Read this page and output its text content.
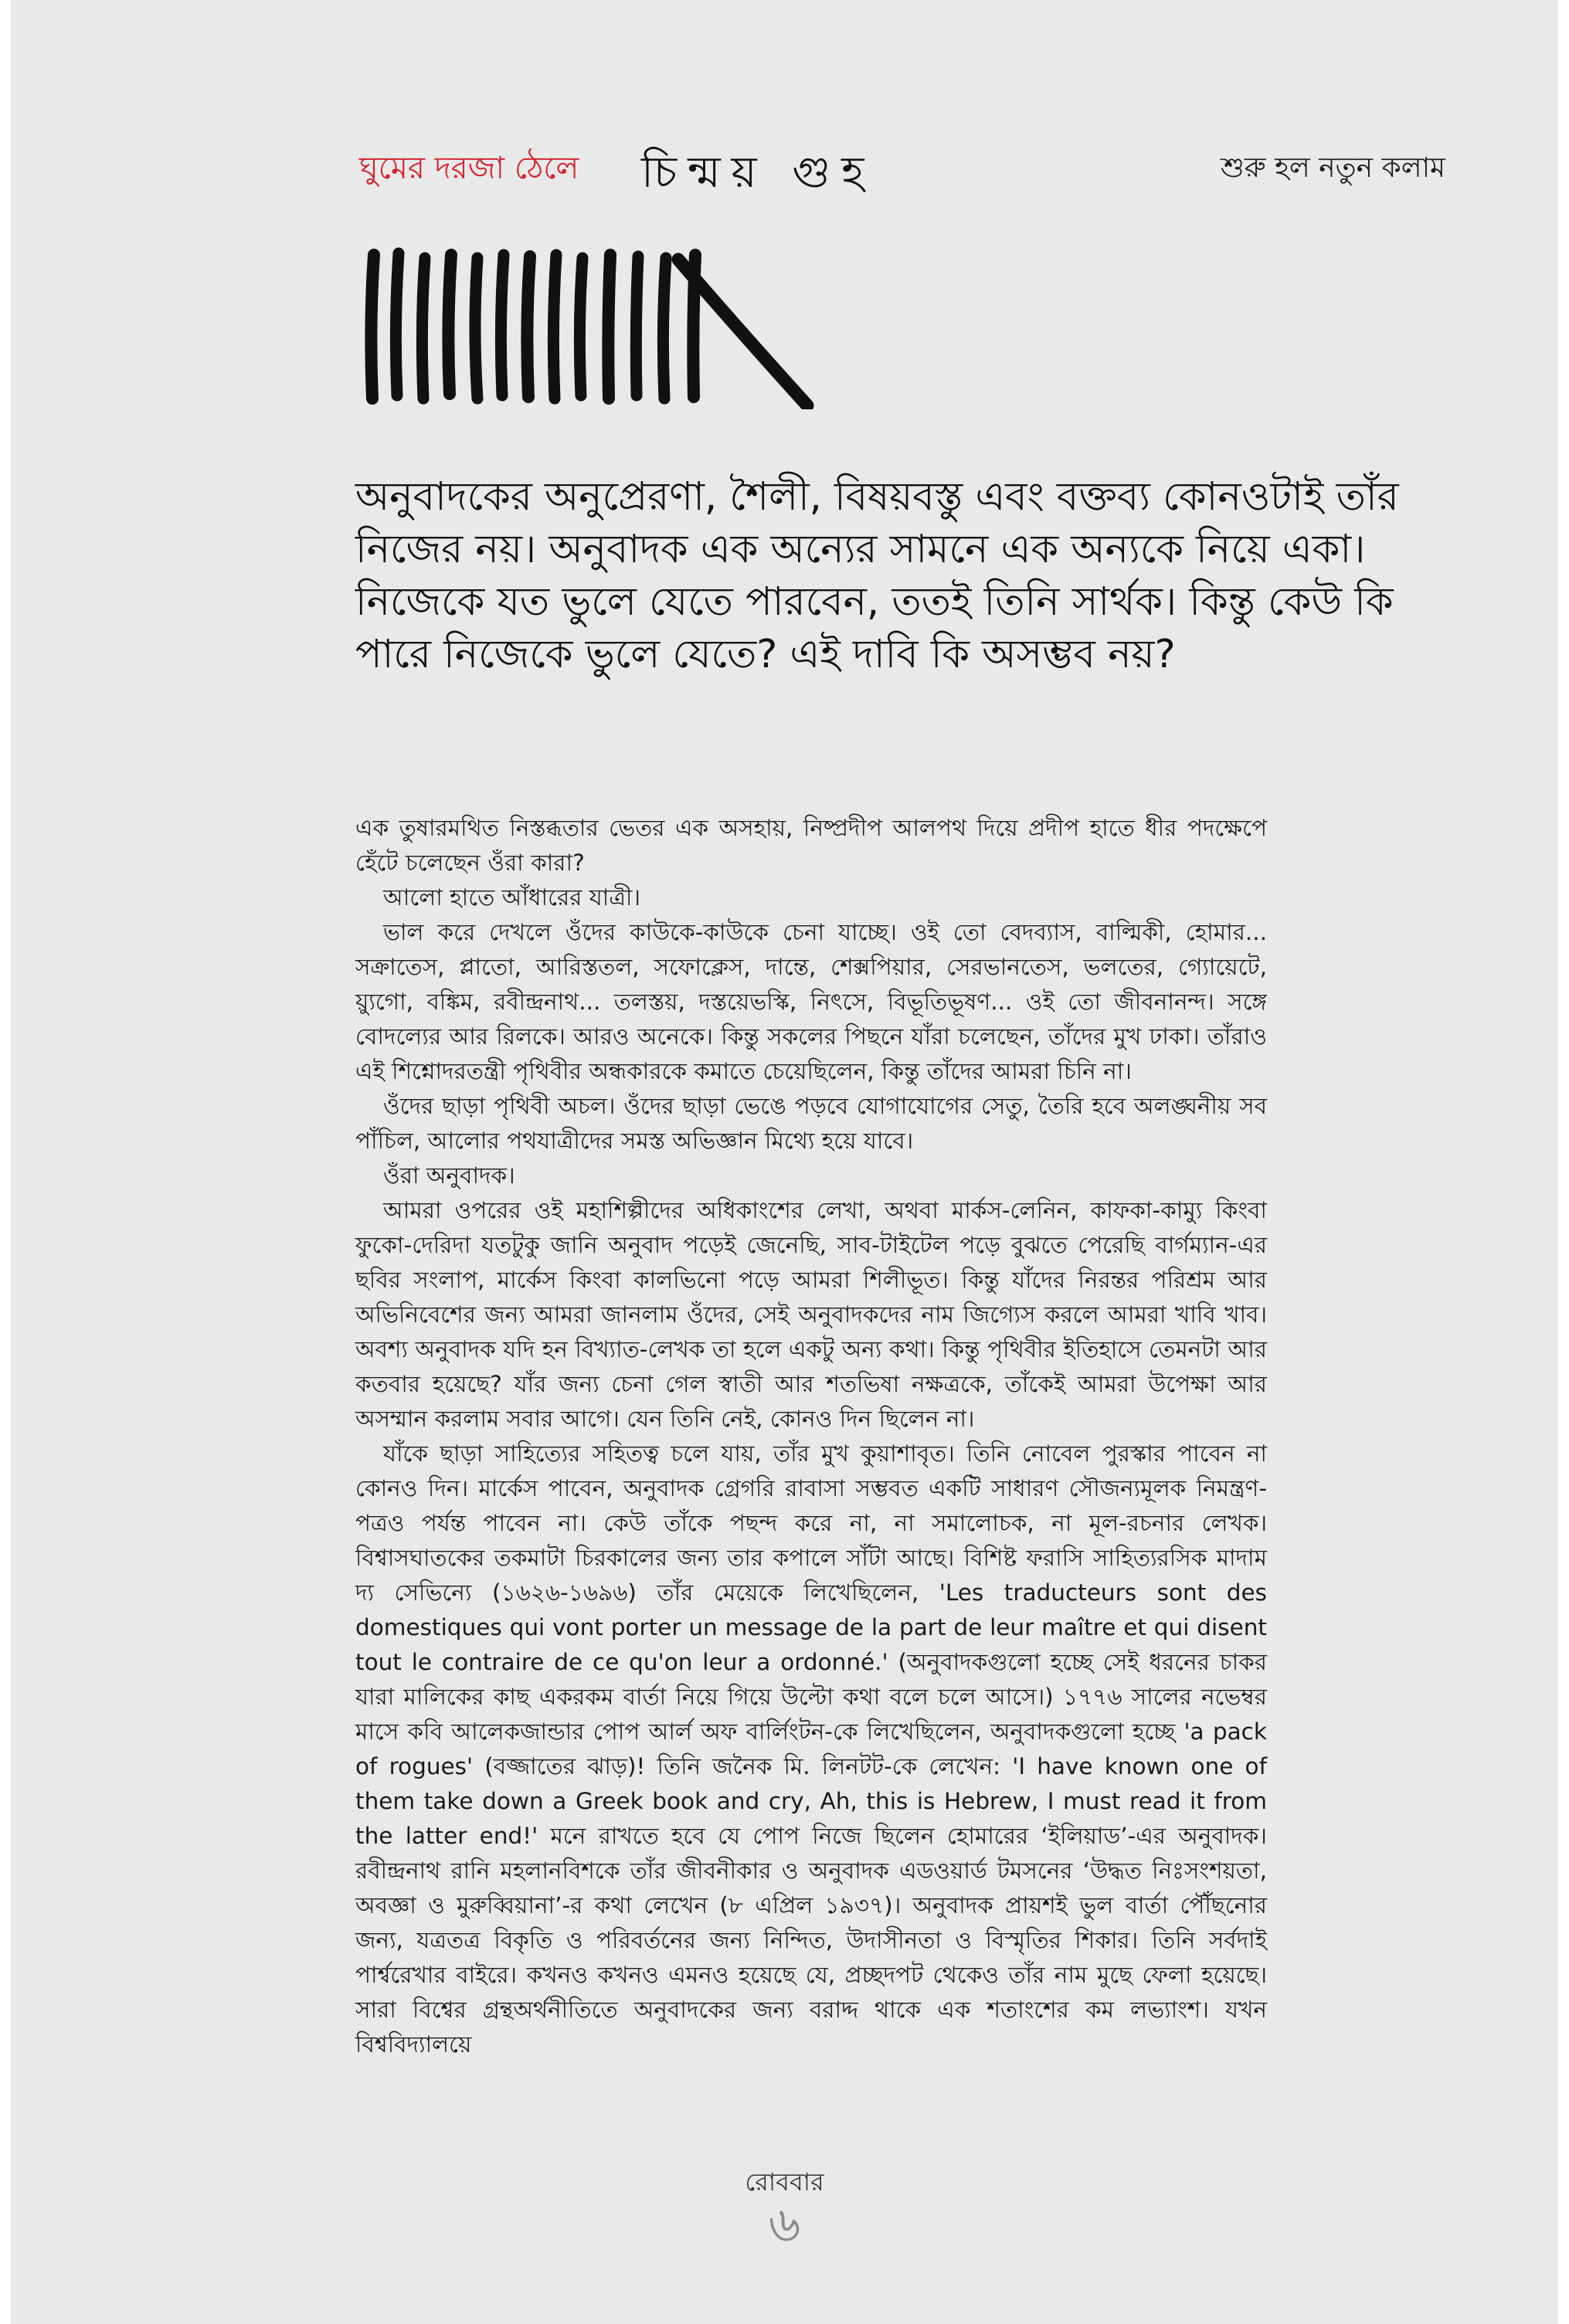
ঘুমের দরজা ঠেলে চিন্ময় গুহ	শুরু হল নতুন কলাম

অনুবাদকের অনুপ্রেরণা, শৈলী, বিষয়বস্তু এবং বক্তব্য কোনওটাই তাঁর নিজের নয়। অনুবাদক এক অন্যের সামনে এক অন্যকে নিয়ে একা। নিজেকে যত ভুলে যেতে পারবেন, ততই তিনি সার্থক। কিন্তু কেউ কি পারে নিজেকে ভুলে যেতে? এই দাবি কি অসম্ভব নয়?

এক তুষারমথিত নিস্তব্ধতার ভেতর এক অসহায়, নিষ্প্রদীপ আলপথ দিয়ে প্রদীপ হাতে ধীর পদক্ষেপে হেঁটে চলেছেন ওঁরা কারা?

আলো হাতে আঁধারের যাত্রী।

ভাল করে দেখলে ওঁদের কাউকে-কাউকে চেনা যাচ্ছে। ওই তো বেদব্যাস, বাল্মিকী, হোমার... সক্রাতেস, প্লাতো, আরিস্ততল, সফোক্লেস, দান্তে, শেক্সপিয়ার, সেরভানতেস, ভলতের, গ্যোয়েটে, য়্যুগো, বঙ্কিম, রবীন্দ্রনাথ... তলস্তয়, দস্তয়েভস্কি, নিৎসে, বিভূতিভূষণ... ওই তো জীবনানন্দ। সঙ্গে বোদল্যের আর রিলকে। আরও অনেকে। কিন্তু সকলের পিছনে যাঁরা চলেছেন, তাঁদের মুখ ঢাকা। তাঁরাও এই শিশ্নোদরতন্ত্রী পৃথিবীর অন্ধকারকে কমাতে চেয়েছিলেন, কিন্তু তাঁদের আমরা চিনি না।

ওঁদের ছাড়া পৃথিবী অচল। ওঁদের ছাড়া ভেঙে পড়বে যোগাযোগের সেতু, তৈরি হবে অলঙ্ঘনীয় সব পাঁচিল, আলোর পথযাত্রীদের সমস্ত অভিজ্ঞান মিথ্যে হয়ে যাবে।

ওঁরা অনুবাদক।

আমরা ওপরের ওই মহাশিল্পীদের অধিকাংশের লেখা, অথবা মার্কস-লেনিন, কাফকা-কাম্যু কিংবা ফুকো-দেরিদা যতটুকু জানি অনুবাদ পড়েই জেনেছি, সাব-টাইটেল পড়ে বুঝতে পেরেছি বার্গম্যান-এর ছবির সংলাপ, মার্কেস কিংবা কালভিনো পড়ে আমরা শিলীভূত। কিন্তু যাঁদের নিরন্তর পরিশ্রম আর অভিনিবেশের জন্য আমরা জানলাম ওঁদের, সেই অনুবাদকদের নাম জিগ্যেস করলে আমরা খাবি খাব। অবশ্য অনুবাদক যদি হন বিখ্যাত-লেখক তা হলে একটু অন্য কথা। কিন্তু পৃথিবীর ইতিহাসে তেমনটা আর কতবার হয়েছে? যাঁর জন্য চেনা গেল স্বাতী আর শতভিষা নক্ষত্রকে, তাঁকেই আমরা উপেক্ষা আর অসম্মান করলাম সবার আগে। যেন তিনি নেই, কোনও দিন ছিলেন না।

যাঁকে ছাড়া সাহিত্যের সহিতত্ব চলে যায়, তাঁর মুখ কুয়াশাবৃত। তিনি নোবেল পুরস্কার পাবেন না কোনও দিন। মার্কেস পাবেন, অনুবাদক গ্রেগরি রাবাসা সম্ভবত একটি সাধারণ সৌজন্যমূলক নিমন্ত্রণ-পত্রও পর্যন্ত পাবেন না। কেউ তাঁকে পছন্দ করে না, না সমালোচক, না মূল-রচনার লেখক। বিশ্বাসঘাতকের তকমাটা চিরকালের জন্য তার কপালে সাঁটা আছে। বিশিষ্ট ফরাসি সাহিত্যরসিক মাদাম দ্য সেভিন্যে (১৬২৬-১৬৯৬) তাঁর মেয়েকে লিখেছিলেন, 'Les traducteurs sont des domestiques qui vont porter un message de la part de leur maître et qui disent tout le contraire de ce qu'on leur a ordonné.' (অনুবাদকগুলো হচ্ছে সেই ধরনের চাকর যারা মালিকের কাছ একরকম বার্তা নিয়ে গিয়ে উল্টো কথা বলে চলে আসে।) ১৭৭৬ সালের নভেম্বর মাসে কবি আলেকজান্ডার পোপ আর্ল অফ বার্লিংটন-কে লিখেছিলেন, অনুবাদকগুলো হচ্ছে 'a pack of rogues' (বজ্জাতের ঝাড়)! তিনি জনৈক মি. লিনটট-কে লেখেন: 'I have known one of them take down a Greek book and cry, Ah, this is Hebrew, I must read it from the latter end!' মনে রাখতে হবে যে পোপ নিজে ছিলেন হোমারের ‘ইলিয়াড’-এর অনুবাদক। রবীন্দ্রনাথ রানি মহলানবিশকে তাঁর জীবনীকার ও অনুবাদক এডওয়ার্ড টমসনের ‘উদ্ধত নিঃসংশয়তা, অবজ্ঞা ও মুরুব্বিয়ানা’-র কথা লেখেন (৮ এপ্রিল ১৯৩৭)। অনুবাদক প্রায়শই ভুল বার্তা পৌঁছনোর জন্য, যত্রতত্র বিকৃতি ও পরিবর্তনের জন্য নিন্দিত, উদাসীনতা ও বিস্মৃতির শিকার। তিনি সর্বদাই পার্শ্বরেখার বাইরে। কখনও কখনও এমনও হয়েছে যে, প্রচ্ছদপট থেকেও তাঁর নাম মুছে ফেলা হয়েছে। সারা বিশ্বের গ্রন্থঅর্থনীতিতে অনুবাদকের জন্য বরাদ্দ থাকে এক শতাংশের কম লভ্যাংশ। যখন বিশ্ববিদ্যালয়ে

রোববার
৬
